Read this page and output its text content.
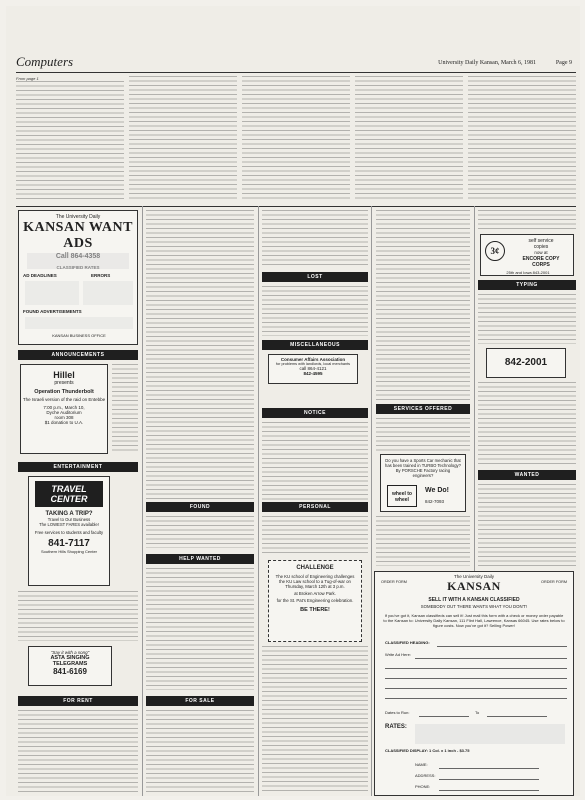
Computers	University Daily Kansan, March 6, 1981	Page 9
From page 1
The University Daily
KANSAN WANT ADS
AD DEADLINES	ERRORS
FOUND ADVERTISEMENTS
KANSAN BUSINESS OFFICE
ANNOUNCEMENTS
Hillel
presents
Operation Thunderbolt
The Israeli version of the raid on Entebbe
7:00 p.m., March 10,
Dyche Auditorium
room 308
$1 donation to U.A.
ENTERTAINMENT
TRAVEL CENTER
TAKING A TRIP?
Travel to Our Business
The LOWEST FARES available!
Free services to students and faculty
841-7117
Southern Hills Shopping Center
"Say it with a song"
ASTA SINGING
TELEGRAMS
841-6169
FOR RENT
FOUND
HELP WANTED
FOR SALE
LOST
MISCELLANEOUS
Consumer Affairs Association
for problems with landlords, local merchants
call 864-4121
842-4595
NOTICE
PERSONAL
CHALLENGE
The KU school of Engineering challenges the KU Law school to a Tug-of-war on Thursday, March 12th at 3 p.m.
at Broken Arrow Park.
for the St. Pat's Engineering celebration.
BE THERE!
SERVICES OFFERED
Do you have a Sports Car mechanic that has been trained in TURBO Technology? By PORSCHE Factory racing engineers?
wheel to wheel
We Do!
842-7093
3¢
self service
copies
now at
ENCORE COPY
CORPS
25th and Iowa 843-2001
TYPING
842-2001
WANTED
The University Daily
ORDER FORM	ORDER FORM
KANSAN
SELL IT WITH A KANSAN CLASSIFIED
SOMEBODY OUT THERE WANTS WHAT YOU DON'T!
If you've got it, Kansan classifieds can sell it! Just mail this form with a check or money order payable to the Kansan to: University Daily Kansan, 111 Flint Hall, Lawrence, Kansas 66045. Use rates below to figure costs. Now you've got it? Selling Power!
CLASSIFIED HEADING:
Write Ad Here:
Dates to Run:	To
RATES:
CLASSIFIED DISPLAY: 1 Col. x 1 inch - $3.75
NAME:
ADDRESS:
PHONE:
